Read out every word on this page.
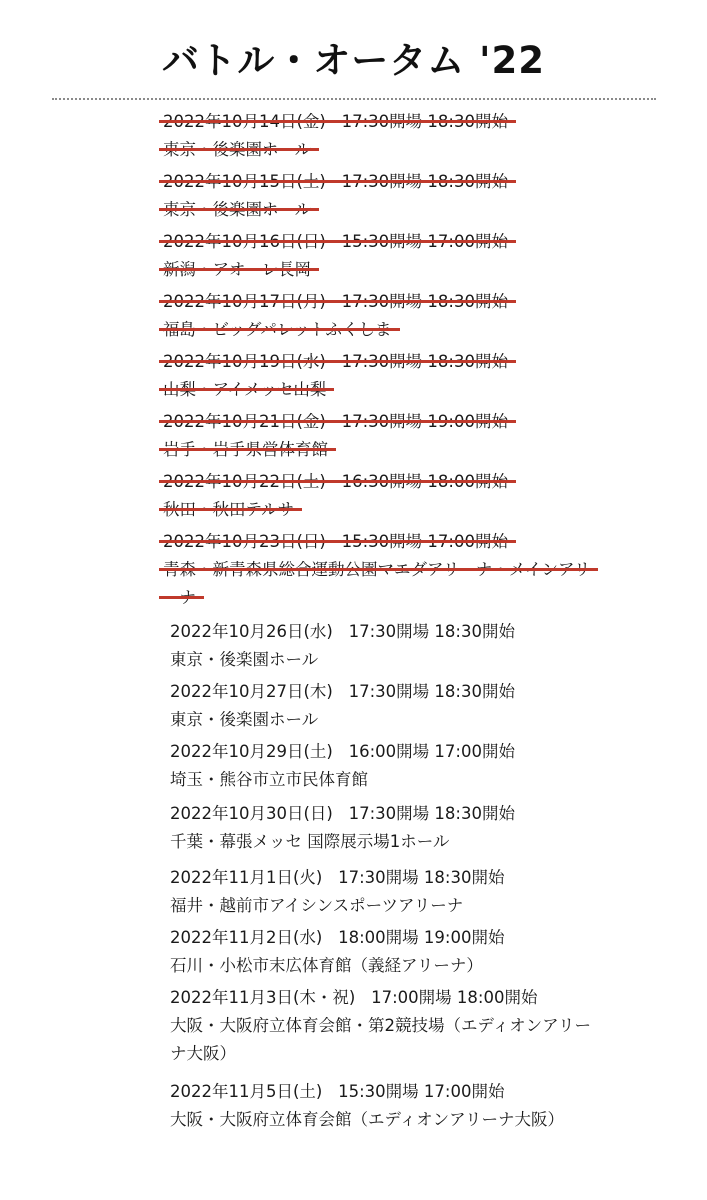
バトル・オータム '22

2022年10月26日(水) 17:30開場 18:30開始
東京・後楽園ホール
2022年10月27日(木) 17:30開場 18:30開始
東京・後楽園ホール
2022年10月29日(土) 16:00開場 17:00開始
埼玉・熊谷市立市民体育館
2022年10月30日(日) 17:30開場 18:30開始
千葉・幕張メッセ 国際展示場1ホール
2022年11月1日(火) 17:30開場 18:30開始
福井・越前市アイシンスポーツアリーナ
2022年11月2日(水) 18:00開場 19:00開始
石川・小松市末広体育館（義経アリーナ）
2022年11月3日(木・祝) 17:00開場 18:00開始
大阪・大阪府立体育会館・第2競技場（エディオンアリーナ大阪）
2022年11月5日(土) 15:30開場 17:00開始
大阪・大阪府立体育会館（エディオンアリーナ大阪）
